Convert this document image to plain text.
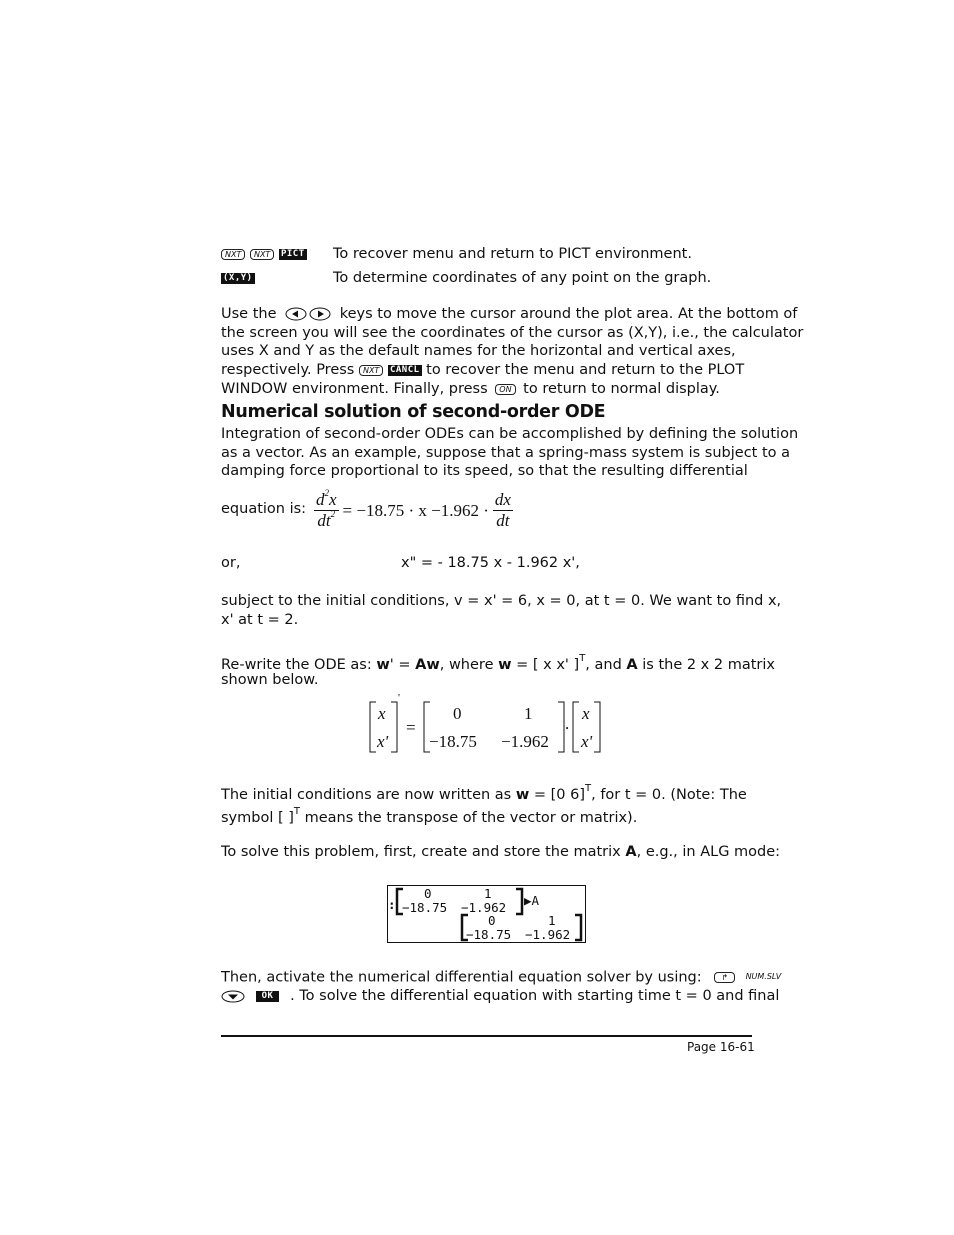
NXT NXT PICT To recover menu and return to PICT environment.
(X,Y)	To determine coordinates of any point on the graph.
Use the	keys to move the cursor around the plot area. At the bottom of
the screen you will see the coordinates of the cursor as (X,Y), i.e., the calculator
uses X and Y as the default names for the horizontal and vertical axes,
respectively. Press NXT CANCL to recover the menu and return to the PLOT
WINDOW environment. Finally, press ON to return to normal display.
Numerical solution of second-order ODE
Integration of second-order ODEs can be accomplished by defining the solution
as a vector. As an example, suppose that a spring-mass system is subject to a
damping force proportional to its speed, so that the resulting differential
equation is: $\frac{d^2x}{dt^2} = -18.75 \cdot x -1.962 \cdot \frac{dx}{dt}$
or,	x" = - 18.75 x - 1.962 x',
subject to the initial conditions, v = x' = 6, x = 0, at t = 0. We want to find x,
x' at t = 2.
Re-write the ODE as: w' = Aw, where w = [ x x' ]$^T$, and A is the 2 x 2 matrix
shown below.
x
x'
'
=
0	1
−18.75 −1.962
.
x
x'
The initial conditions are now written as w = [0 6]$^T$, for t = 0. (Note: The
symbol [ ]$^T$ means the transpose of the vector or matrix).
To solve this problem, first, create and store the matrix A, e.g., in ALG mode:
:
0	1
−18.75 −1.962 ▶A
0	1
−18.75 −1.962
Then, activate the numerical differential equation solver by using: ↱ NUM.SLV
OK . To solve the differential equation with starting time t = 0 and final
Page 16-61
